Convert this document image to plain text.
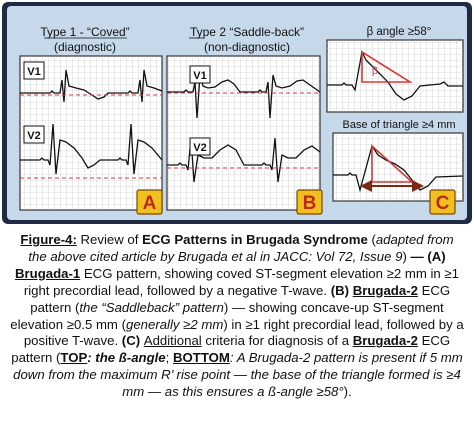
Type 1 - “Coved”
(diagnostic)
V1
V2
A
Type 2 “Saddle-back”
(non-diagnostic)
V1
V2
B
β angle ≥58°
β
Base of triangle ≥4 mm
C

Figure-4: Review of ECG Patterns in Brugada Syndrome (adapted from the above cited article by Brugada et al in JACC: Vol 72, Issue 9) — (A) Brugada-1 ECG pattern, showing coved ST-segment elevation ≥2 mm in ≥1 right precordial lead, followed by a negative T-wave. (B) Brugada-2 ECG pattern (the “Saddleback” pattern) — showing concave-up ST-segment elevation ≥0.5 mm (generally ≥2 mm) in ≥1 right precordial lead, followed by a positive T-wave. (C) Additional criteria for diagnosis of a Brugada-2 ECG pattern (TOP: the ß-angle; BOTTOM: A Brugada-2 pattern is present if 5 mm down from the maximum R’ rise point — the base of the triangle formed is ≥4 mm — as this ensures a ß-angle ≥58°).
